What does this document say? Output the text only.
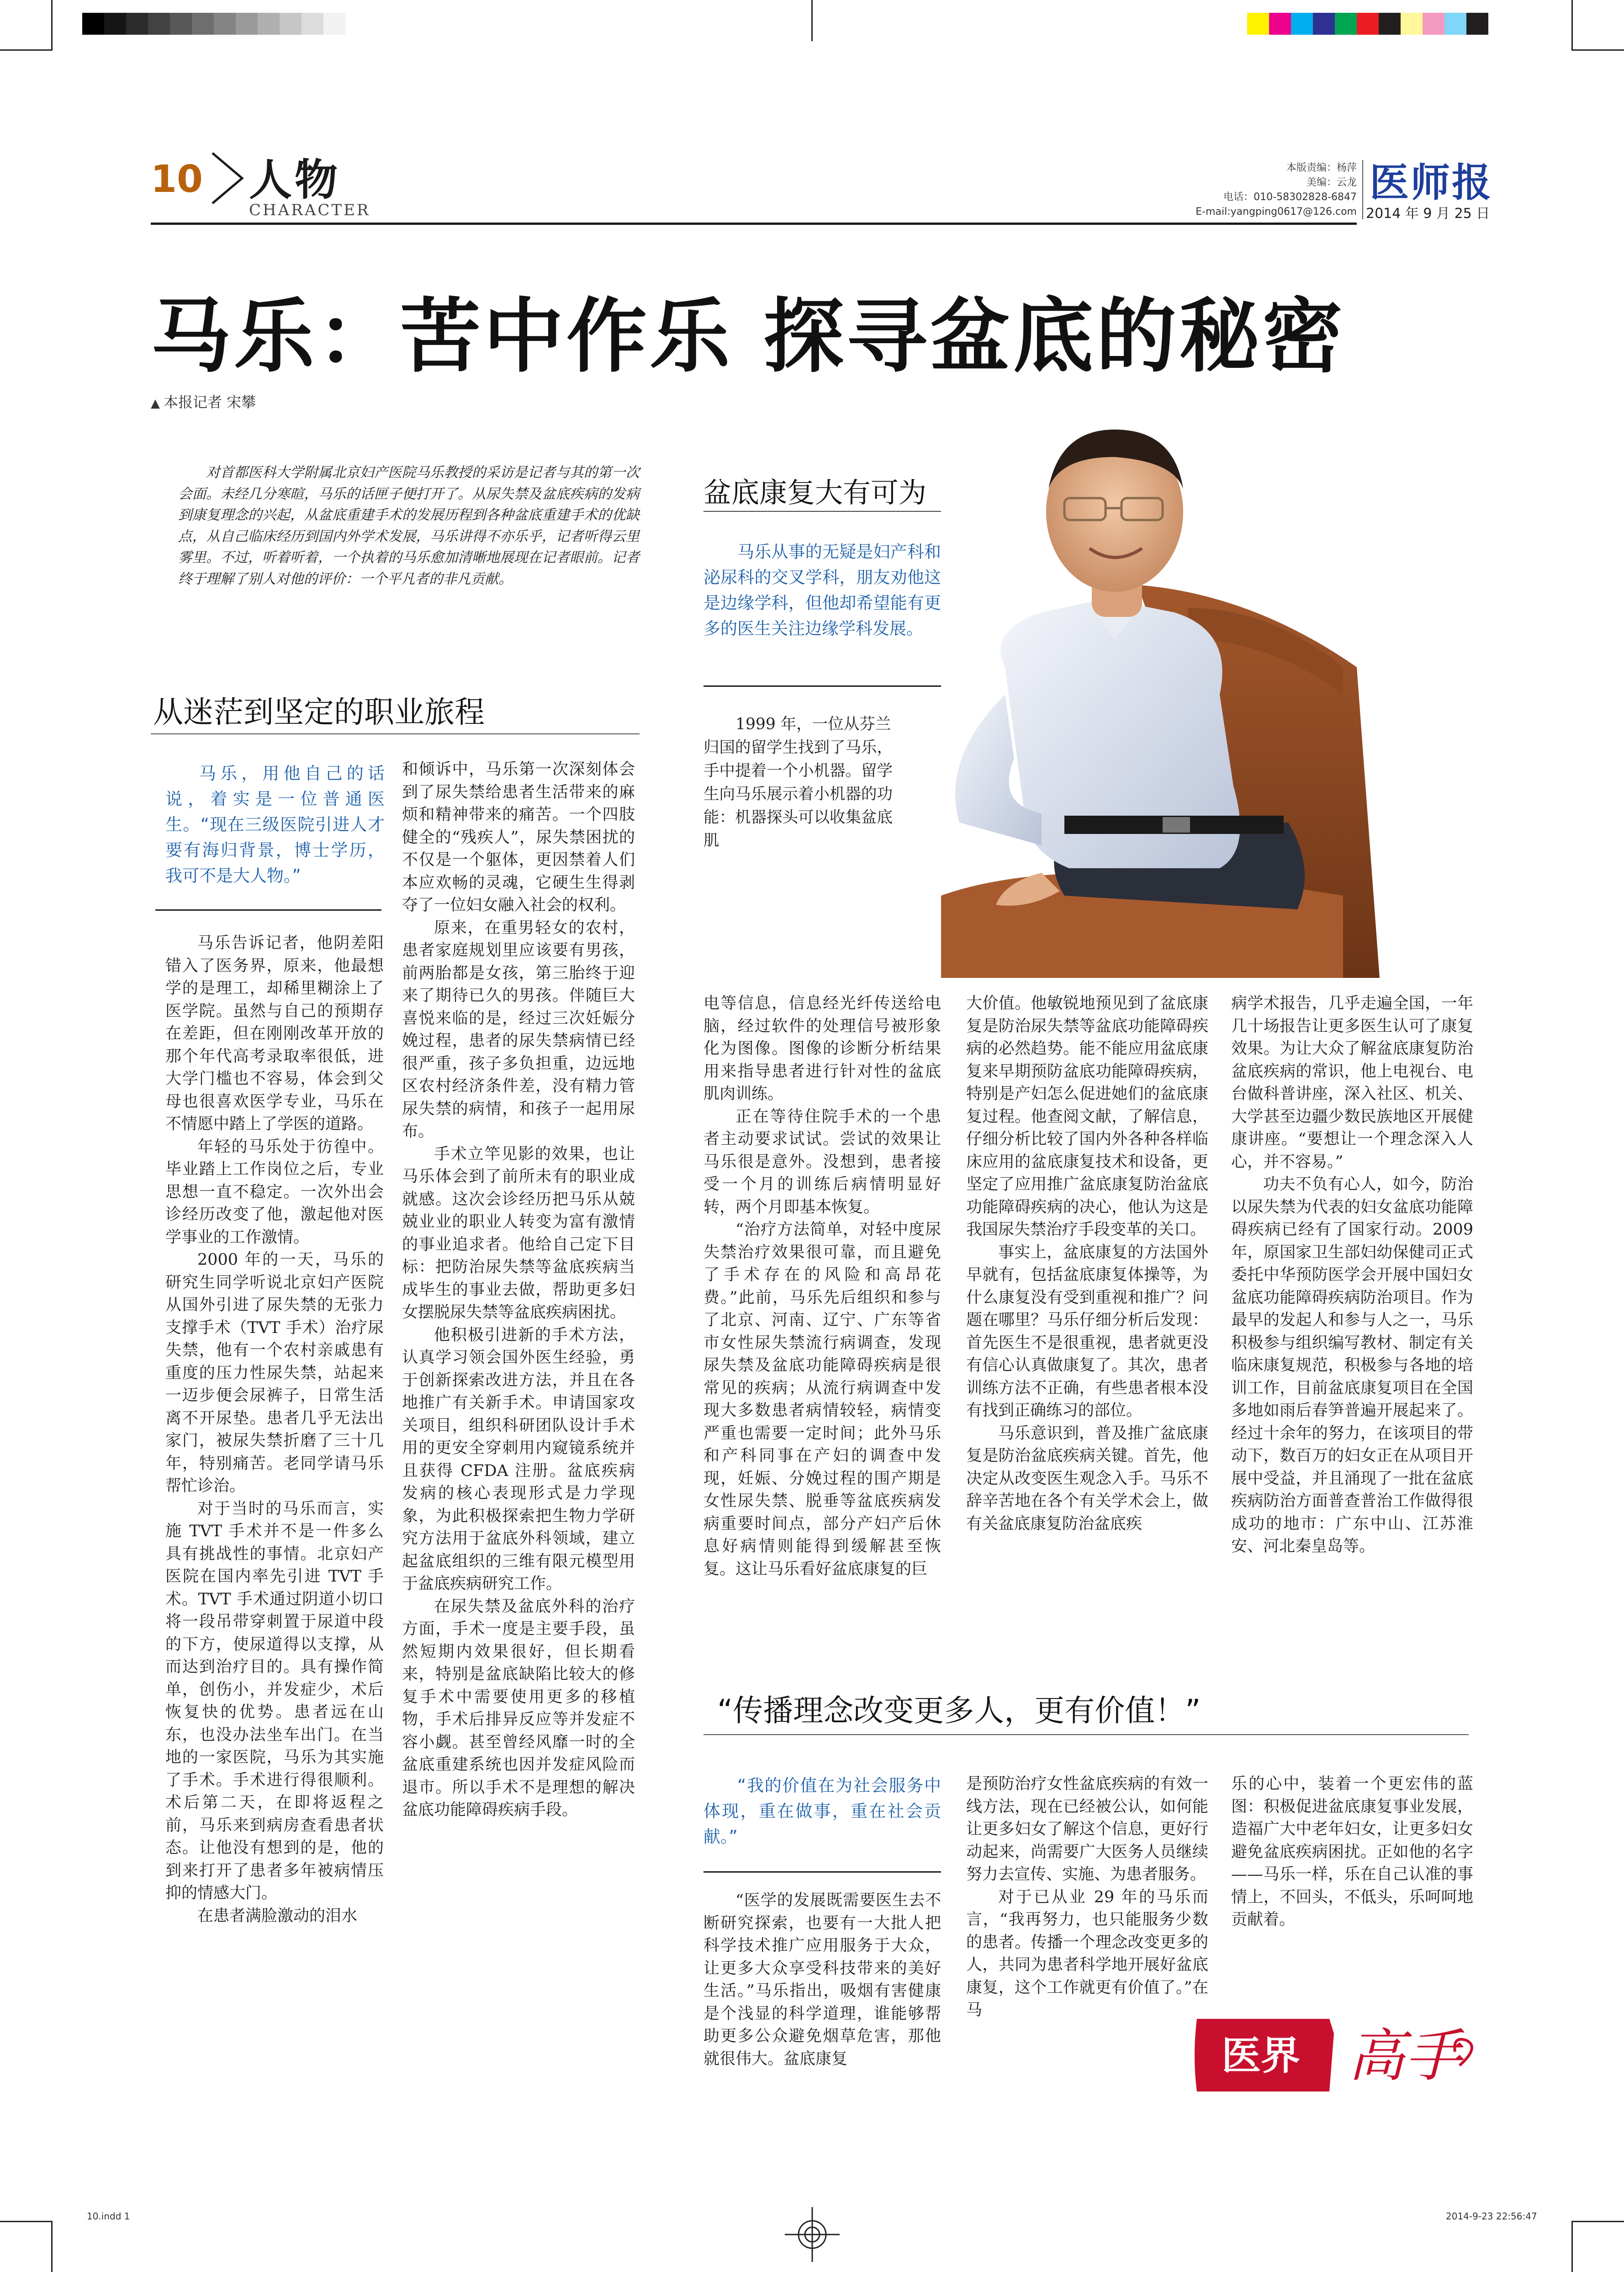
10 人物
CHARACTER
本版责编：杨萍
美编：云龙
电话：010-58302828-6847
E-mail:yangping0617@126.com
医师报
2014 年 9 月 25 日
马乐：苦中作乐 探寻盆底的秘密
▲ 本报记者 宋攀
对首都医科大学附属北京妇产医院马乐教授的采访是记者与其的第一次会面。未经几分寒暄，马乐的话匣子便打开了。从尿失禁及盆底疾病的发病到康复理念的兴起，从盆底重建手术的发展历程到各种盆底重建手术的优缺点，从自己临床经历到国内外学术发展，马乐讲得不亦乐乎，记者听得云里雾里。不过，听着听着，一个执着的马乐愈加清晰地展现在记者眼前。记者终于理解了别人对他的评价：一个平凡者的非凡贡献。
从迷茫到坚定的职业旅程
马乐，用他自己的话说，着实是一位普通医生。“现在三级医院引进人才要有海归背景，博士学历，我可不是大人物。”

马乐告诉记者，他阴差阳错入了医务界，原来，他最想学的是理工，却稀里糊涂上了医学院。虽然与自己的预期存在差距，但在刚刚改革开放的那个年代高考录取率很低，进大学门槛也不容易，体会到父母也很喜欢医学专业，马乐在不情愿中踏上了学医的道路。

年轻的马乐处于彷徨中。毕业踏上工作岗位之后，专业思想一直不稳定。一次外出会诊经历改变了他，激起他对医学事业的工作激情。

2000 年的一天，马乐的研究生同学听说北京妇产医院从国外引进了尿失禁的无张力支撑手术（TVT 手术）治疗尿失禁，他有一个农村亲戚患有重度的压力性尿失禁，站起来一迈步便会尿裤子，日常生活离不开尿垫。患者几乎无法出家门，被尿失禁折磨了三十几年，特别痛苦。老同学请马乐帮忙诊治。

对于当时的马乐而言，实施 TVT 手术并不是一件多么具有挑战性的事情。北京妇产医院在国内率先引进 TVT 手术。TVT 手术通过阴道小切口将一段吊带穿刺置于尿道中段的下方，使尿道得以支撑，从而达到治疗目的。具有操作简单，创伤小，并发症少，术后恢复快的优势。患者远在山东，也没办法坐车出门。在当地的一家医院，马乐为其实施了手术。手术进行得很顺利。术后第二天，在即将返程之前，马乐来到病房查看患者状态。让他没有想到的是，他的到来打开了患者多年被病情压抑的情感大门。

在患者满脸激动的泪水

和倾诉中，马乐第一次深刻体会到了尿失禁给患者生活带来的麻烦和精神带来的痛苦。一个四肢健全的“残疾人”，尿失禁困扰的不仅是一个躯体，更因禁着人们本应欢畅的灵魂，它硬生生得剥夺了一位妇女融入社会的权利。

原来，在重男轻女的农村，患者家庭规划里应该要有男孩，前两胎都是女孩，第三胎终于迎来了期待已久的男孩。伴随巨大喜悦来临的是，经过三次妊娠分娩过程，患者的尿失禁病情已经很严重，孩子多负担重，边远地区农村经济条件差，没有精力管尿失禁的病情，和孩子一起用尿布。

手术立竿见影的效果，也让马乐体会到了前所未有的职业成就感。这次会诊经历把马乐从兢兢业业的职业人转变为富有激情的事业追求者。他给自己定下目标：把防治尿失禁等盆底疾病当成毕生的事业去做，帮助更多妇女摆脱尿失禁等盆底疾病困扰。

他积极引进新的手术方法，认真学习领会国外医生经验，勇于创新探索改进方法，并且在各地推广有关新手术。申请国家攻关项目，组织科研团队设计手术用的更安全穿刺用内窥镜系统并且获得 CFDA 注册。盆底疾病发病的核心表现形式是力学现象，为此积极探索把生物力学研究方法用于盆底外科领域，建立起盆底组织的三维有限元模型用于盆底疾病研究工作。

在尿失禁及盆底外科的治疗方面，手术一度是主要手段，虽然短期内效果很好，但长期看来，特别是盆底缺陷比较大的修复手术中需要使用更多的移植物，手术后排异反应等并发症不容小觑。甚至曾经风靡一时的全盆底重建系统也因并发症风险而退市。所以手术不是理想的解决盆底功能障碍疾病手段。

盆底康复大有可为
马乐从事的无疑是妇产科和泌尿科的交叉学科，朋友劝他这是边缘学科，但他却希望能有更多的医生关注边缘学科发展。
1999 年，一位从芬兰归国的留学生找到了马乐，手中提着一个小机器。留学生向马乐展示着小机器的功能：机器探头可以收集盆底肌

电等信息，信息经光纤传送给电脑，经过软件的处理信号被形象化为图像。图像的诊断分析结果用来指导患者进行针对性的盆底肌肉训练。

正在等待住院手术的一个患者主动要求试试。尝试的效果让马乐很是意外。没想到，患者接受一个月的训练后病情明显好转，两个月即基本恢复。

“治疗方法简单，对轻中度尿失禁治疗效果很可靠，而且避免了手术存在的风险和高昂花费。”此前，马乐先后组织和参与了北京、河南、辽宁、广东等省市女性尿失禁流行病调查，发现尿失禁及盆底功能障碍疾病是很常见的疾病；从流行病调查中发现大多数患者病情较轻，病情变严重也需要一定时间；此外马乐和产科同事在产妇的调查中发现，妊娠、分娩过程的围产期是女性尿失禁、脱垂等盆底疾病发病重要时间点，部分产妇产后休息好病情则能得到缓解甚至恢复。这让马乐看好盆底康复的巨

大价值。他敏锐地预见到了盆底康复是防治尿失禁等盆底功能障碍疾病的必然趋势。能不能应用盆底康复来早期预防盆底功能障碍疾病，特别是产妇怎么促进她们的盆底康复过程。他查阅文献，了解信息，仔细分析比较了国内外各种各样临床应用的盆底康复技术和设备，更坚定了应用推广盆底康复防治盆底功能障碍疾病的决心，他认为这是我国尿失禁治疗手段变革的关口。

事实上，盆底康复的方法国外早就有，包括盆底康复体操等，为什么康复没有受到重视和推广？问题在哪里？马乐仔细分析后发现：首先医生不是很重视，患者就更没有信心认真做康复了。其次，患者训练方法不正确，有些患者根本没有找到正确练习的部位。

马乐意识到，普及推广盆底康复是防治盆底疾病关键。首先，他决定从改变医生观念入手。马乐不辞辛苦地在各个有关学术会上，做有关盆底康复防治盆底疾

病学术报告，几乎走遍全国，一年几十场报告让更多医生认可了康复效果。为让大众了解盆底康复防治盆底疾病的常识，他上电视台、电台做科普讲座，深入社区、机关、大学甚至边疆少数民族地区开展健康讲座。“要想让一个理念深入人心，并不容易。”

功夫不负有心人，如今，防治以尿失禁为代表的妇女盆底功能障碍疾病已经有了国家行动。2009 年，原国家卫生部妇幼保健司正式委托中华预防医学会开展中国妇女盆底功能障碍疾病防治项目。作为最早的发起人和参与人之一，马乐积极参与组织编写教材、制定有关临床康复规范，积极参与各地的培训工作，目前盆底康复项目在全国多地如雨后春笋普遍开展起来了。经过十余年的努力，在该项目的带动下，数百万的妇女正在从项目开展中受益，并且涌现了一批在盆底疾病防治方面普查普治工作做得很成功的地市：广东中山、江苏淮安、河北秦皇岛等。

“传播理念改变更多人，更有价值！”
“我的价值在为社会服务中体现，重在做事，重在社会贡献。”

“医学的发展既需要医生去不断研究探索，也要有一大批人把科学技术推广应用服务于大众，让更多大众享受科技带来的美好生活。”马乐指出，吸烟有害健康是个浅显的科学道理，谁能够帮助更多公众避免烟草危害，那他就很伟大。盆底康复

是预防治疗女性盆底疾病的有效一线方法，现在已经被公认，如何能让更多妇女了解这个信息，更好行动起来，尚需要广大医务人员继续努力去宣传、实施、为患者服务。

对于已从业 29 年的马乐而言，“我再努力，也只能服务少数的患者。传播一个理念改变更多的人，共同为患者科学地开展好盆底康复，这个工作就更有价值了。”在马

乐的心中，装着一个更宏伟的蓝图：积极促进盆底康复事业发展，造福广大中老年妇女，让更多妇女避免盆底疾病困扰。正如他的名字——马乐一样，乐在自己认准的事情上，不回头，不低头，乐呵呵地贡献着。

医界 高手
10.indd 1	2014-9-23 22:56:47
